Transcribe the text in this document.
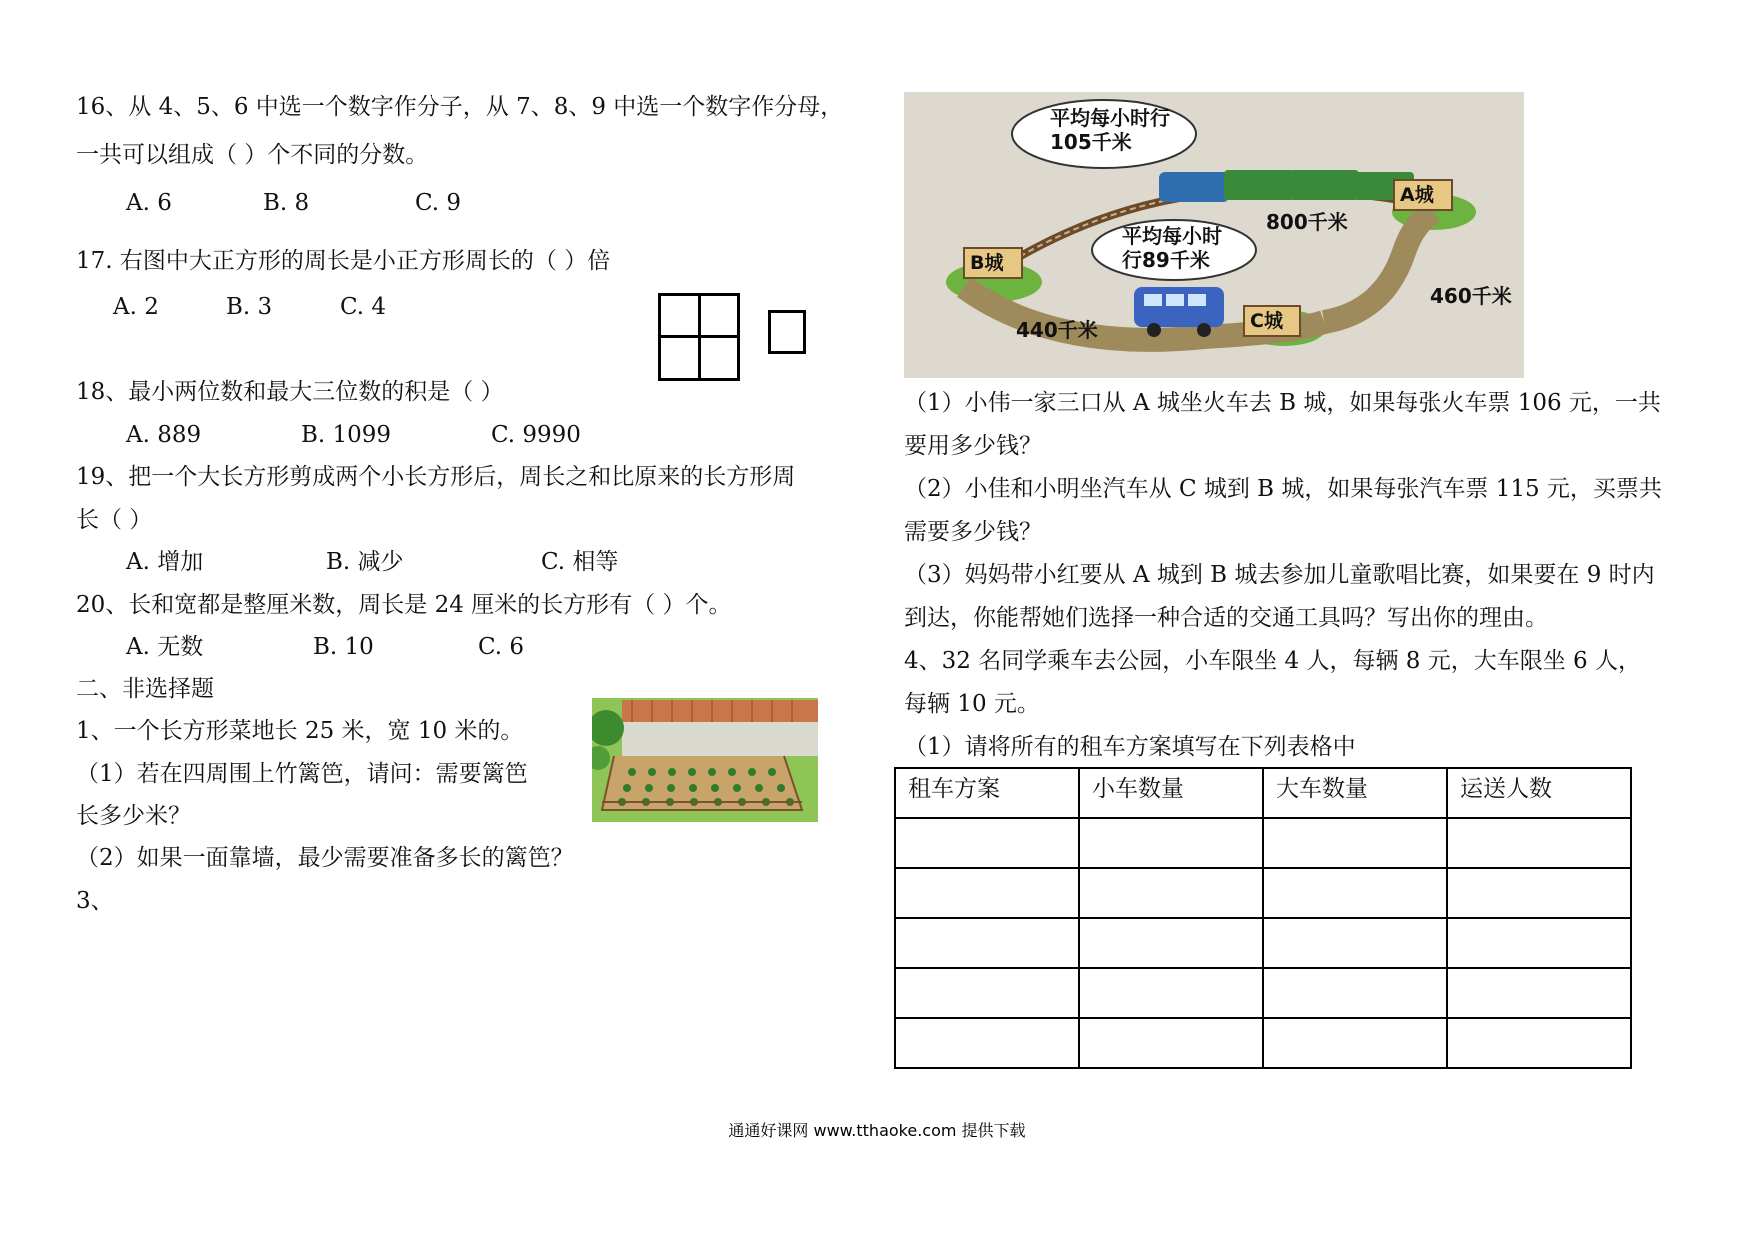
16、从 4、5、6 中选一个数字作分子，从 7、8、9 中选一个数字作分母，
一共可以组成（ ）个不同的分数。
A. 6	B. 8	C. 9
17. 右图中大正方形的周长是小正方形周长的（ ）倍
A. 2	B. 3	C. 4
18、最小两位数和最大三位数的积是（ ）
A. 889	B. 1099	C. 9990
19、把一个大长方形剪成两个小长方形后，周长之和比原来的长方形周
长（ ）
A. 增加	B. 减少	C. 相等
20、长和宽都是整厘米数，周长是 24 厘米的长方形有（ ）个。
A. 无数	B. 10	C. 6
二、非选择题
1、一个长方形菜地长 25 米，宽 10 米的。
（1）若在四周围上竹篱笆，请问：需要篱笆
长多少米？
（2）如果一面靠墙，最少需要准备多长的篱笆？
3、
平均每小时行
105千米
平均每小时
行89千米
800千米
460千米
440千米
A城
B城
C城
（1）小伟一家三口从 A 城坐火车去 B 城，如果每张火车票 106 元，一共
要用多少钱？
（2）小佳和小明坐汽车从 C 城到 B 城，如果每张汽车票 115 元，买票共
需要多少钱？
（3）妈妈带小红要从 A 城到 B 城去参加儿童歌唱比赛，如果要在 9 时内
到达，你能帮她们选择一种合适的交通工具吗？写出你的理由。
4、32 名同学乘车去公园，小车限坐 4 人，每辆 8 元，大车限坐 6 人，
每辆 10 元。
（1）请将所有的租车方案填写在下列表格中
租车方案	小车数量	大车数量	运送人数

通通好课网 www.tthaoke.com 提供下载
